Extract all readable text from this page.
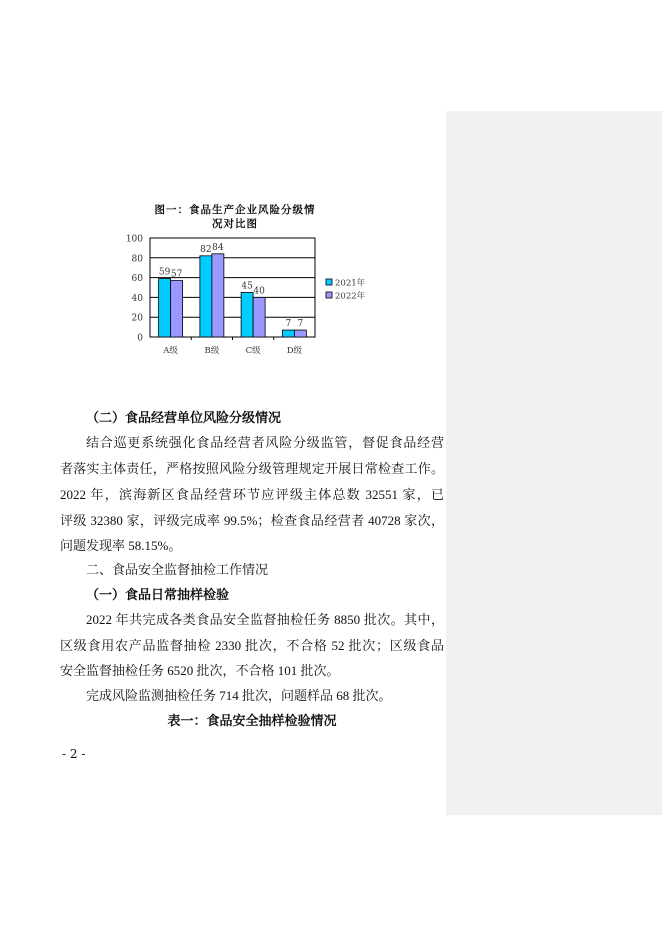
图一：食品生产企业风险分级情
况对比图
0
20
40
60
80
100
A级
59 57
B级
82 84
C级
45 40
D级
7 7
2021年
2022年
（二）食品经营单位风险分级情况
结合巡更系统强化食品经营者风险分级监管，督促食品经营
者落实主体责任，严格按照风险分级管理规定开展日常检查工作。
2022 年，滨海新区食品经营环节应评级主体总数 32551 家，已
评级 32380 家，评级完成率 99.5%；检查食品经营者 40728 家次，
问题发现率 58.15%。
二、食品安全监督抽检工作情况
（一）食品日常抽样检验
2022 年共完成各类食品安全监督抽检任务 8850 批次。其中，
区级食用农产品监督抽检 2330 批次，不合格 52 批次；区级食品
安全监督抽检任务 6520 批次，不合格 101 批次。
完成风险监测抽检任务 714 批次，问题样品 68 批次。
表一：食品安全抽样检验情况
- 2 -
